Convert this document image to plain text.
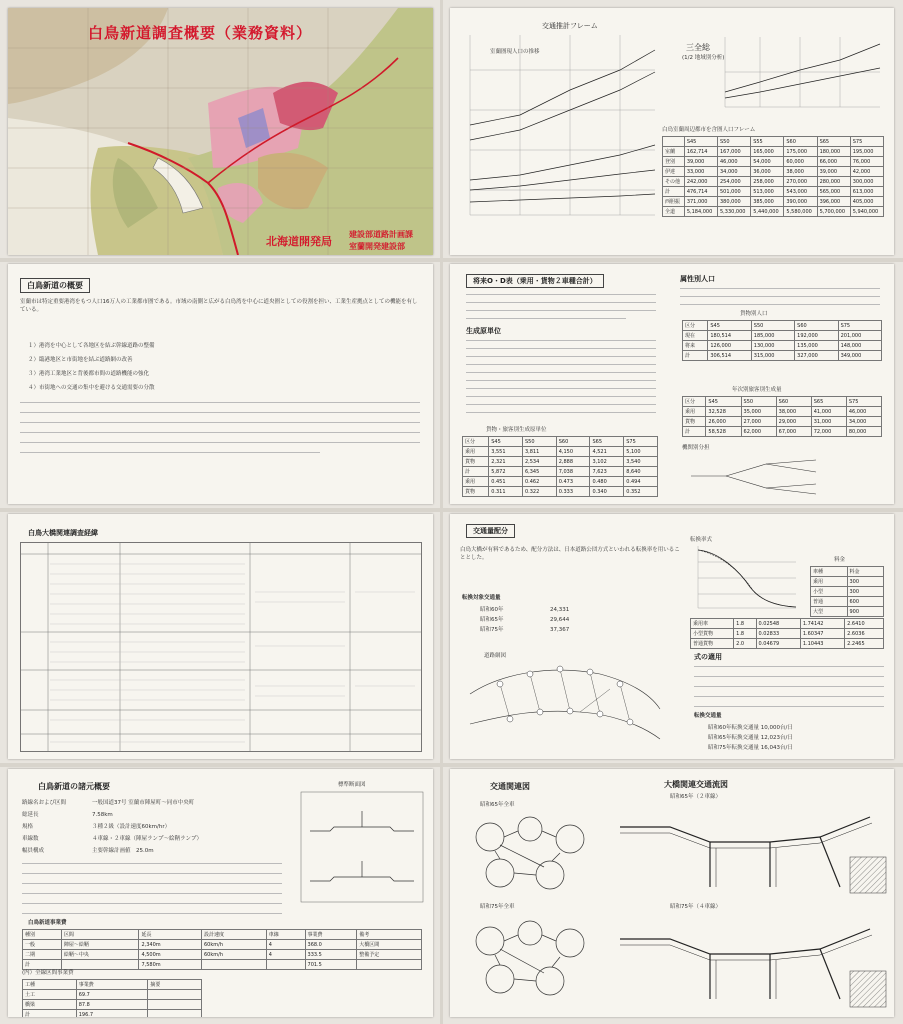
白鳥新道調査概要（業務資料）
北海道開発局
建設部道路計画課
室蘭開発建設部
交通推計フレーム
室蘭圏現人口の推移	三全総
(1/2 地域別分析)
白鳥室蘭周辺都市を含圏人口フレーム
　	S45	S50	S55	S60	S65	S75
室蘭	162,714	167,000	165,000	175,000	180,000	195,000
登別	39,000	46,000	54,000	60,000	66,000	76,000
伊達	33,000	34,000	36,000	38,000	39,000	42,000
その他	242,000	254,000	258,000	270,000	280,000	300,000
計	476,714	501,000	513,000	543,000	565,000	613,000
西胆振	371,000	380,000	385,000	390,000	396,000	405,000
全道	5,184,000	5,330,000	5,440,000	5,580,000	5,700,000	5,940,000
白鳥新道の概要
室蘭市は特定重要港湾をもつ人口16万人の工業都市圏である。市域の南側と広がる白鳥湾を中心に道央圏としての役割を担い、工業生産拠点としての機能を有している。
１）港湾を中心として各地区を結ぶ幹線道路の整備
２）臨港地区と市街地を結ぶ道路網の改善
３）港湾工業地区と背後都市間の道路機能の強化
４）市街地への交通の集中を避ける交通需要の分散
将来O・D表（乗用・貨物２車種合計）
生成原単位
貨物・旅客別生成原単位
区分	S45	S50	S60	S65	S75
乗用	3,551	3,811	4,150	4,521	5,100
貨物	2,321	2,534	2,888	3,102	3,540
計	5,872	6,345	7,038	7,623	8,640
乗用	0.451	0.462	0.473	0.480	0.494
貨物	0.311	0.322	0.333	0.340	0.352
属性別人口
貨物別人口
区分	S45	S50	S60	S75
現在	180,514	185,000	192,000	201,000
将来	126,000	130,000	135,000	148,000
計	306,514	315,000	327,000	349,000
年次別旅客別生成量
区分	S45	S50	S60	S65	S75
乗用	32,528	35,000	38,000	41,000	46,000
貨物	26,000	27,000	29,000	31,000	34,000
計	58,528	62,000	67,000	72,000	80,000
機関別分担
白鳥大橋関連調査経緯	交通量配分
白鳥大橋が有料であるため、配分方法は、日本道路公団方式といわれる転換率を用いることとした。
転換対象交通量
昭和60年	24,331
昭和65年	29,644
昭和75年	37,367
道路網図
転換率式
料金
車種	料金
乗用	300
小型	300
普通	600
大型	900
乗用車	1.8	0.02548	1.74142	2.6410
小型貨物	1.8	0.02833	1.60347	2.6036
普通貨物	2.0	0.04679	1.10443	2.2465
式の適用
転換交通量
昭和60年転換交通量 10,000台/日
昭和65年転換交通量 12,023台/日
昭和75年転換交通量 16,043台/日
白鳥新道の諸元概要
路線名および区間	一般国道37号 室蘭市陣屋町〜同市中央町
総延長	7.58km
規格	３種２級（設計速度60km/hr）
車線数	４車線・２車線（陣屋ランプ〜絵鞆ランプ）
幅員構成	主要幹線計画値　25.0m
標準断面図
白鳥新道事業費
種別	区間	延長	設計速度	車線	事業費	備考
一般	陣屋〜絵鞆	2,340m	60km/h	4	368.0	大橋区間
二期	絵鞆〜中央	4,500m	60km/h	4	333.5	整備予定
計	　	7,580m	　	　	701.5	　
(内）全線区間事業費
工種	事業費	摘要
土工	69.7	　
橋梁	87.8	　
計	196.7	　
交通関連図
昭和65年全車
昭和75年全車
大橋関連交通流図
昭和65年（２車線）
昭和75年（４車線）
